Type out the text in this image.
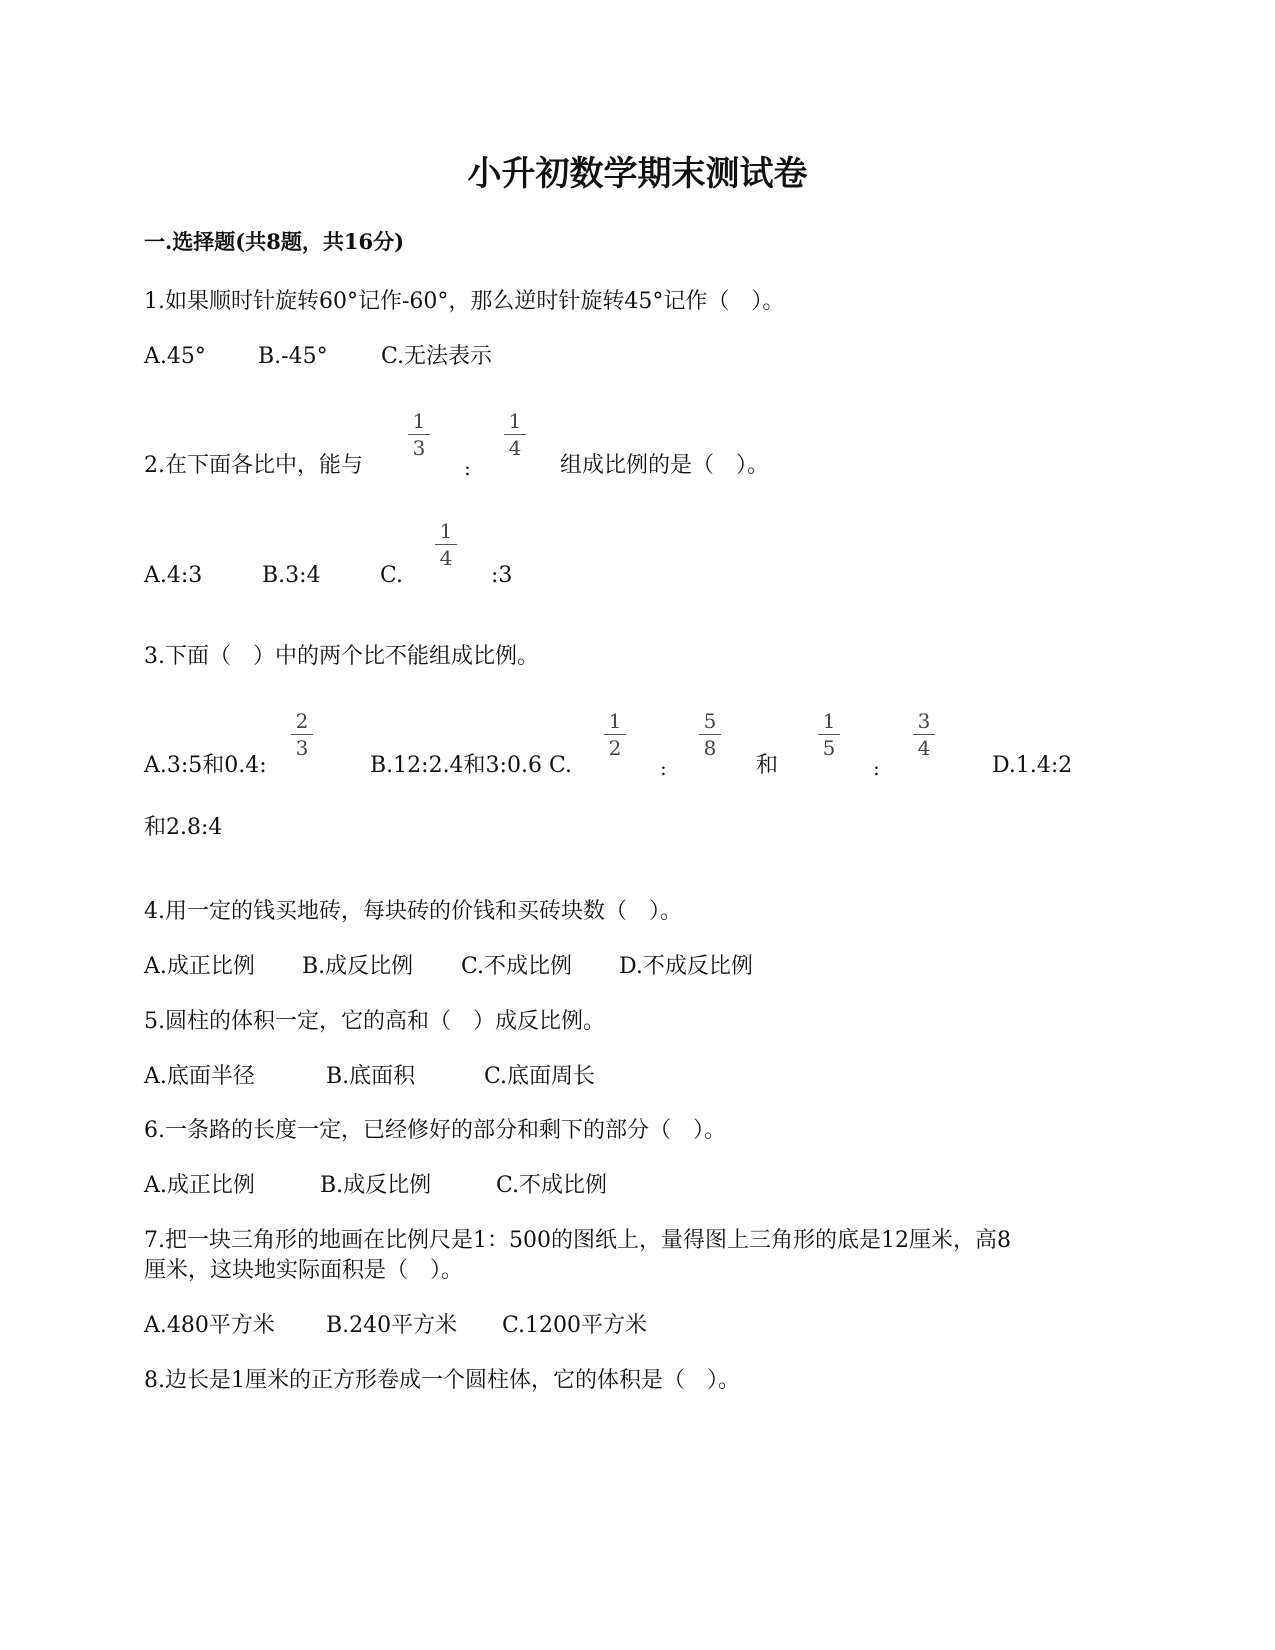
小升初数学期末测试卷
一.选择题(共8题，共16分)
1.如果顺时针旋转60°记作-60°，那么逆时针旋转45°记作（　）。
A.45° B.-45° C.无法表示
2.在下面各比中，能与
1
3
:
1
4
组成比例的是（　）。
A.4:3	B.3:4	C.
1
4
:3
3.下面（　）中的两个比不能组成比例。
A.3:5和0.4:
2
3
B.12:2.4和3:0.6 C.
1
2
:
5
8
和
1
5
:
3
4
D.1.4:2
和2.8:4
4.用一定的钱买地砖，每块砖的价钱和买砖块数（　）。
A.成正比例 B.成反比例 C.不成比例 D.不成反比例
5.圆柱的体积一定，它的高和（　）成反比例。
A.底面半径	B.底面积	C.底面周长
6.一条路的长度一定，已经修好的部分和剩下的部分（　）。
A.成正比例	B.成反比例	C.不成比例
7.把一块三角形的地画在比例尺是1：500的图纸上，量得图上三角形的底是12厘米，高8
厘米，这块地实际面积是（　）。
A.480平方米 B.240平方米 C.1200平方米
8.边长是1厘米的正方形卷成一个圆柱体，它的体积是（　）。
